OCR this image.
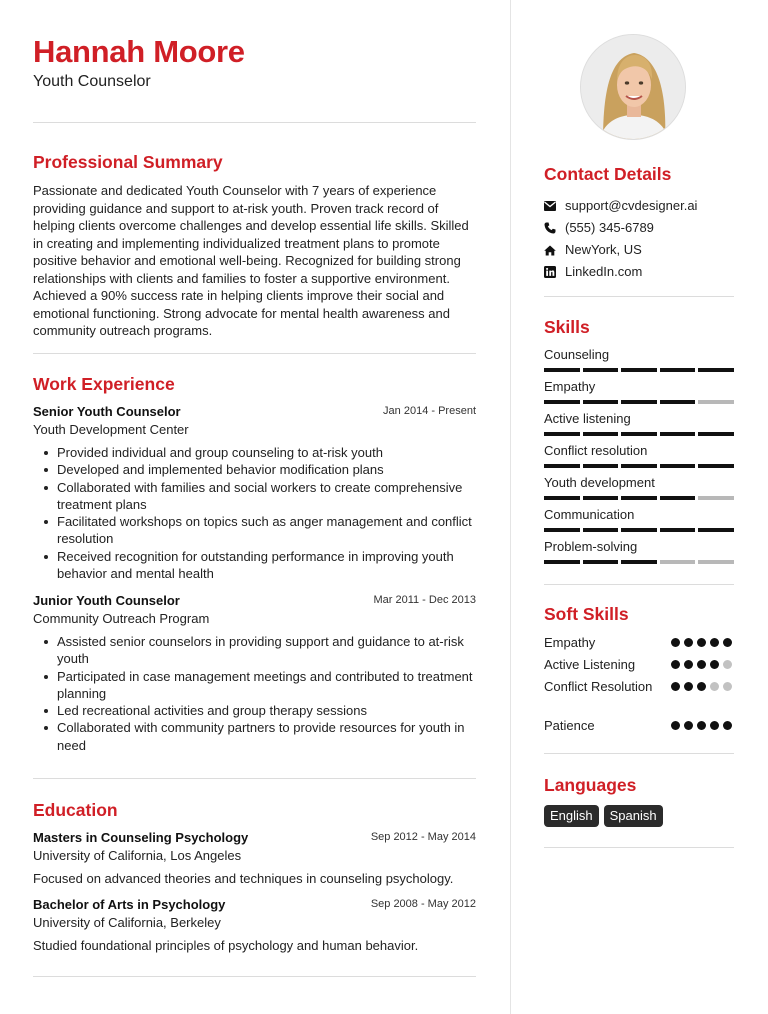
Hannah Moore
Youth Counselor
Professional Summary
Passionate and dedicated Youth Counselor with 7 years of experience providing guidance and support to at-risk youth. Proven track record of helping clients overcome challenges and develop essential life skills. Skilled in creating and implementing individualized treatment plans to promote positive behavior and emotional well-being. Recognized for building strong relationships with clients and families to foster a supportive environment. Achieved a 90% success rate in helping clients improve their social and emotional functioning. Strong advocate for mental health awareness and community outreach programs.
Work Experience
Senior Youth Counselor	Jan 2014 - Present
Youth Development Center
Provided individual and group counseling to at-risk youth
Developed and implemented behavior modification plans
Collaborated with families and social workers to create comprehensive treatment plans
Facilitated workshops on topics such as anger management and conflict resolution
Received recognition for outstanding performance in improving youth behavior and mental health
Junior Youth Counselor	Mar 2011 - Dec 2013
Community Outreach Program
Assisted senior counselors in providing support and guidance to at-risk youth
Participated in case management meetings and contributed to treatment planning
Led recreational activities and group therapy sessions
Collaborated with community partners to provide resources for youth in need
Education
Masters in Counseling Psychology	Sep 2012 - May 2014
University of California, Los Angeles
Focused on advanced theories and techniques in counseling psychology.
Bachelor of Arts in Psychology	Sep 2008 - May 2012
University of California, Berkeley
Studied foundational principles of psychology and human behavior.
Contact Details
support@cvdesigner.ai
(555) 345-6789
NewYork, US
LinkedIn.com
Skills
Counseling
Empathy
Active listening
Conflict resolution
Youth development
Communication
Problem-solving
Soft Skills
Empathy
Active Listening
Conflict Resolution
Patience
Languages
English	Spanish
